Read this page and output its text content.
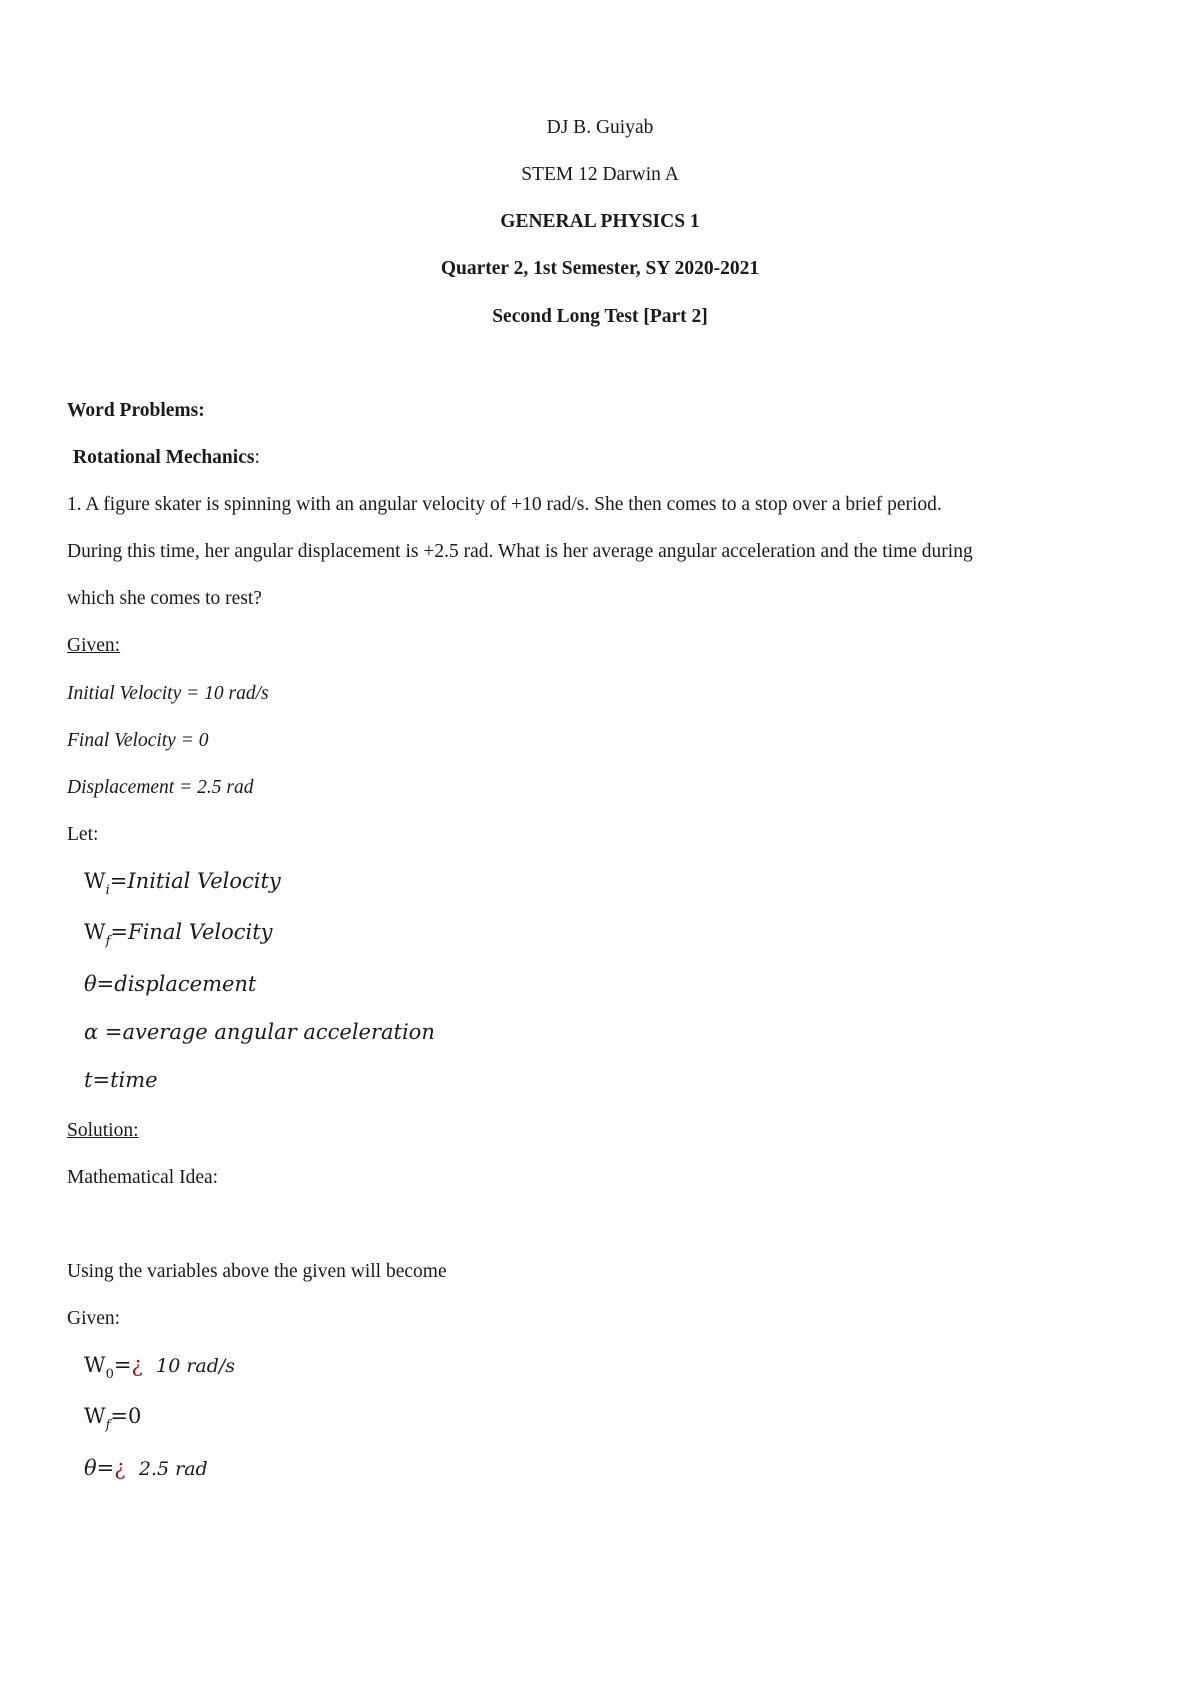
DJ B. Guiyab
STEM 12 Darwin A
GENERAL PHYSICS 1
Quarter 2, 1st Semester, SY 2020-2021
Second Long Test [Part 2]
Word Problems:
Rotational Mechanics:
1. A figure skater is spinning with an angular velocity of +10 rad/s. She then comes to a stop over a brief period.
During this time, her angular displacement is +2.5 rad. What is her average angular acceleration and the time during
which she comes to rest?
Given:
Initial Velocity = 10 rad/s
Final Velocity = 0
Displacement = 2.5 rad
Let:
$W_i=Initial$ Velocity
$W_f=Final$ Velocity
θ=displacement
α =average angular acceleration
t=time
Solution:
Mathematical Idea:
Using the variables above the given will become
Given:
$W_0=¿$ 10 rad/s
$W_f=0$
θ=¿ 2.5 rad
